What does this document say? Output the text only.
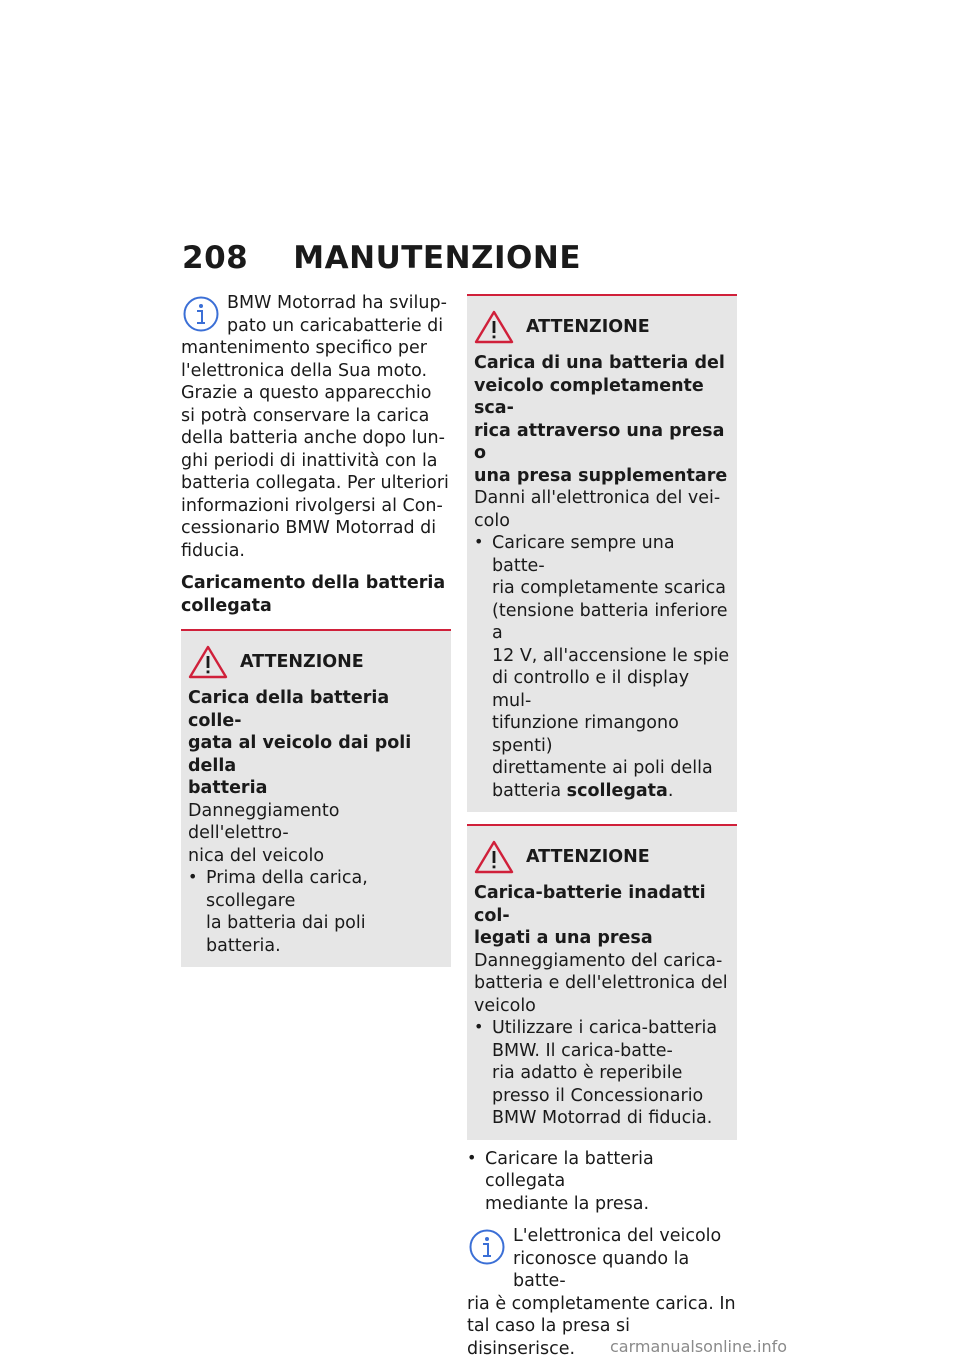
208 MANUTENZIONE

BMW Motorrad ha svilup-

pato un caricabatterie di

mantenimento specifico per

l'elettronica della Sua moto.

Grazie a questo apparecchio

si potrà conservare la carica

della batteria anche dopo lun-

ghi periodi di inattività con la

batteria collegata. Per ulteriori

informazioni rivolgersi al Con-

cessionario BMW Motorrad di

fiducia.

Caricamento della batteria

collegata

ATTENZIONE

Carica della batteria colle-

gata al veicolo dai poli della

batteria

Danneggiamento dell'elettro-

nica del veicolo

• Prima della carica, scollegare

la batteria dai poli batteria.

ATTENZIONE

Carica di una batteria del

veicolo completamente sca-

rica attraverso una presa o

una presa supplementare

Danni all'elettronica del vei-

colo

• Caricare sempre una batte-

ria completamente scarica

(tensione batteria inferiore a

12 V, all'accensione le spie

di controllo e il display mul-

tifunzione rimangono spenti)

direttamente ai poli della

batteria scollegata.

ATTENZIONE

Carica-batterie inadatti col-

legati a una presa

Danneggiamento del carica-

batteria e dell'elettronica del

veicolo

• Utilizzare i carica-batteria

BMW. Il carica-batte-

ria adatto è reperibile

presso il Concessionario

BMW Motorrad di fiducia.

• Caricare la batteria collegata

mediante la presa.

L'elettronica del veicolo

riconosce quando la batte-

ria è completamente carica. In

tal caso la presa si disinserisce.	carmanualsonline.info
